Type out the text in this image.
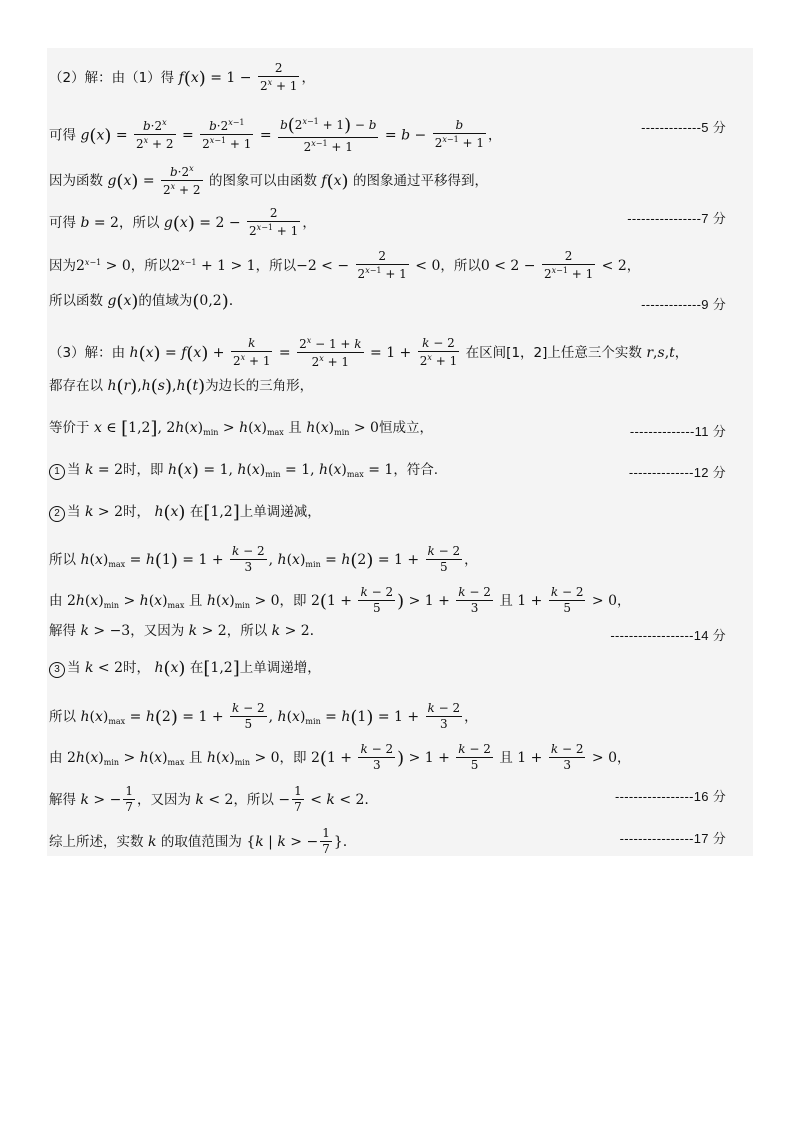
（2）解：由（1）得 $f(x) = 1 - \frac{2}{2^x + 1}$ ，
可得 $g(x) = \frac{b\cdot 2^x}{2^x + 2} = \frac{b\cdot 2^{x-1}}{2^{x-1} + 1} = \frac{b(2^{x-1} + 1) - b}{2^{x-1} + 1} = b - \frac{b}{2^{x-1} + 1}$ ，	-------------5 分
因为函数 $g(x) = \frac{b\cdot 2^x}{2^x + 2}$ 的图象可以由函数 f(x) 的图象通过平移得到，
可得 b = 2，所以 $g(x) = 2 - \frac{2}{2^{x-1} + 1}$ ，	----------------7 分
因为$2^{x-1} > 0$，所以$2^{x-1} + 1 > 1$，所以−2 < − $\frac{2}{2^{x-1} + 1} < 0$，所以$0 < 2 - \frac{2}{2^{x-1} + 1} < 2$，
所以函数 g(x)的值域为(0,2).	-------------9 分
（3）解：由 $h(x) = f(x) + \frac{k}{2^x + 1} = \frac{2^x - 1 + k}{2^x + 1} = 1 + \frac{k - 2}{2^x + 1}$ 在区间[1，2]上任意三个实数 r,s,t，
都存在以 h(r),h(s),h(t)为边长的三角形，
等价于 x ∈ [1,2], $2h(x)_{min} > h(x)_{max}$ 且 $h(x)_{min} > 0$恒成立，	--------------11 分
1 当 k = 2时，即 h(x) = 1, $h(x)_{min} = 1$, $h(x)_{max} = 1$，符合.	--------------12 分
2 当 k > 2时， h(x) 在[1,2]上单调递减，
所以 $h(x)_{max} = h(1) = 1 + \frac{k - 2}{3}$ , $h(x)_{min} = h(2) = 1 + \frac{k - 2}{5}$ ，
由 $2h(x)_{min} > h(x)_{max}$ 且 $h(x)_{min} > 0$，即 $2(1 + \frac{k - 2}{5}$ ) > $1 + \frac{k - 2}{3}$ 且 $1 + \frac{k - 2}{5} > 0$，
解得 k > −3，又因为 k > 2，所以 k > 2.	------------------14 分
3 当 k < 2时， h(x) 在[1,2]上单调递增，
所以 $h(x)_{max} = h(2) = 1 + \frac{k - 2}{5}$ , $h(x)_{min} = h(1) = 1 + \frac{k - 2}{3}$ ，
由 $2h(x)_{min} > h(x)_{max}$ 且 $h(x)_{min} > 0$，即 $2(1 + \frac{k - 2}{3}$ ) > $1 + \frac{k - 2}{5}$ 且 $1 + \frac{k - 2}{3} > 0$，
解得 k > − $\frac{1}{7}$ ，又因为 k < 2，所以 − $\frac{1}{7} < k < 2$.	-----------------16 分
综上所述，实数 k 的取值范围为 {k | k > − $\frac{1}{7}$ }.	----------------17 分
